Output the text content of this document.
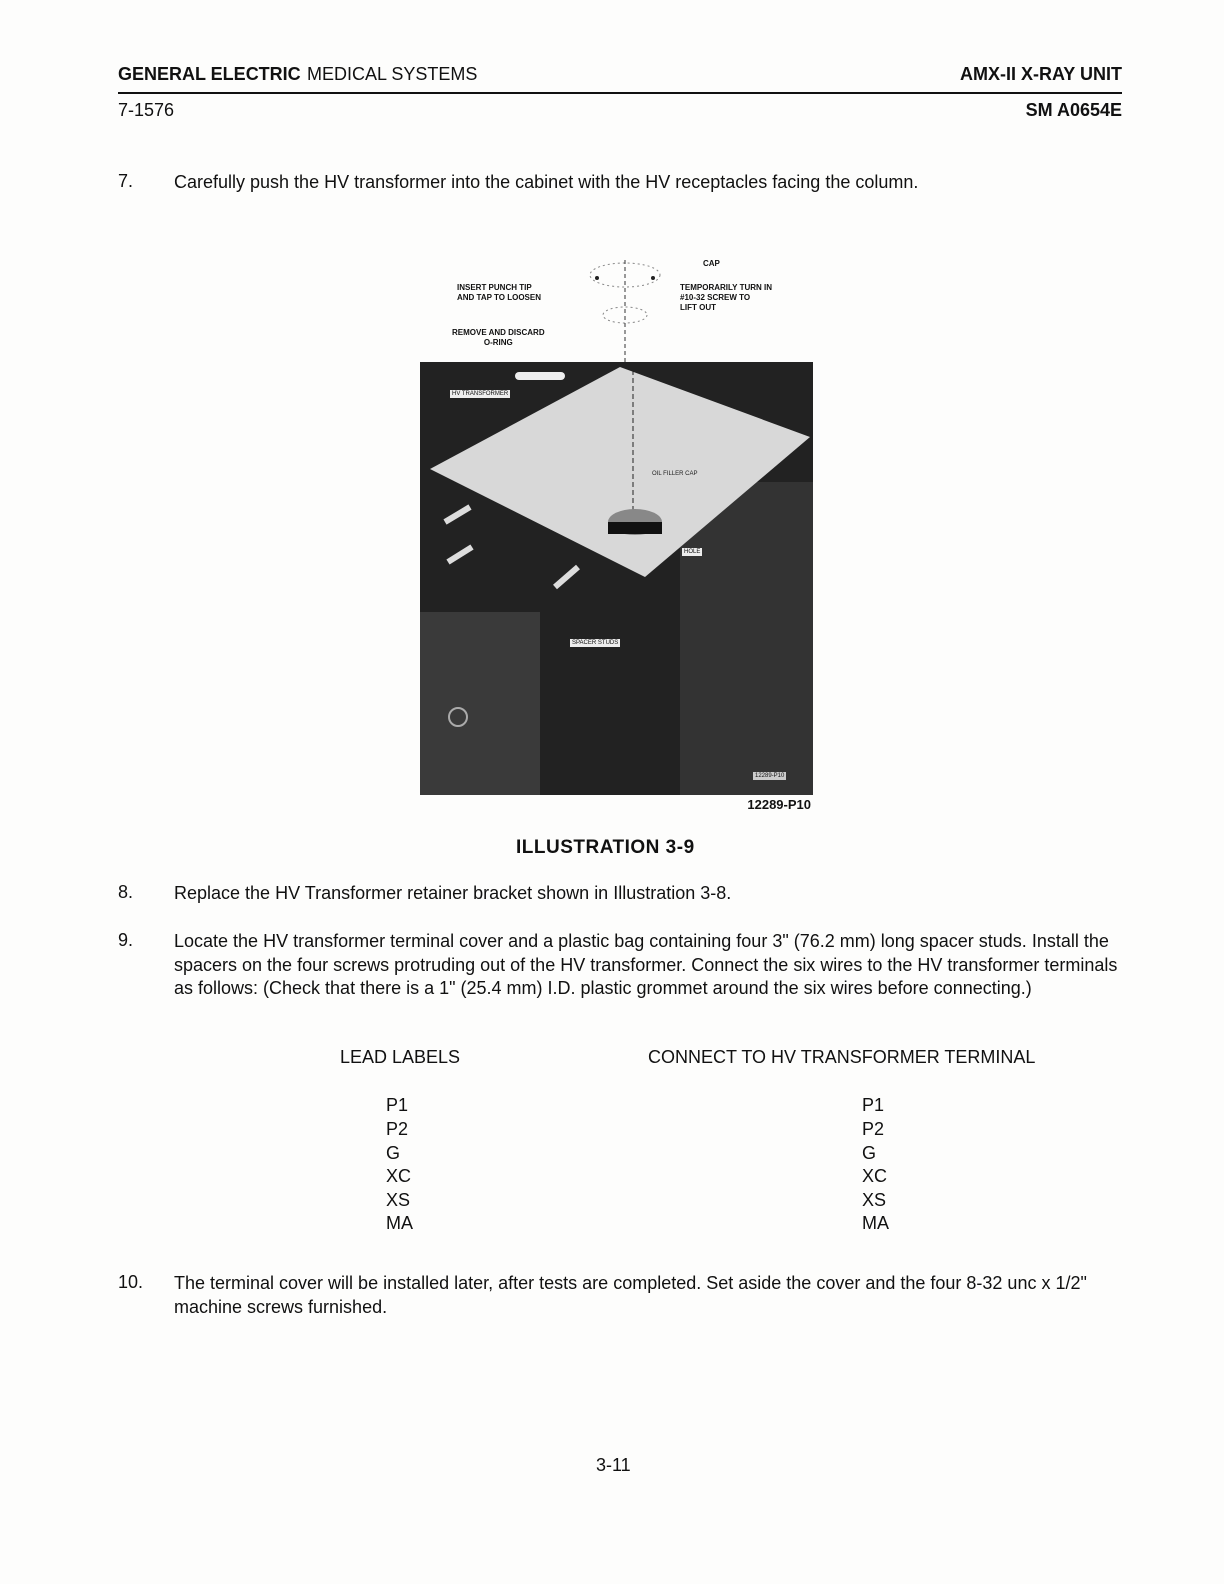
GENERAL ELECTRIC MEDICAL SYSTEMS	AMX-II X-RAY UNIT
7-1576	SM A0654E
7. Carefully push the HV transformer into the cabinet with the HV receptacles facing the column.
CAP
INSERT PUNCH TIP
AND TAP TO LOOSEN
TEMPORARILY TURN IN
#10-32 SCREW TO
LIFT OUT
REMOVE AND DISCARD
O-RING
HV TRANSFORMER
OIL FILLER CAP
HOLE
SPACER STUDS
12289-P10
12289-P10
ILLUSTRATION 3-9
8. Replace the HV Transformer retainer bracket shown in Illustration 3-8.
9. Locate the HV transformer terminal cover and a plastic bag containing four 3" (76.2 mm) long spacer studs. Install the spacers on the four screws protruding out of the HV transformer. Connect the six wires to the HV transformer terminals as follows: (Check that there is a 1" (25.4 mm) I.D. plastic grommet around the six wires before connecting.)
LEAD LABELS	CONNECT TO HV TRANSFORMER TERMINAL
P1	P1
P2	P2
G	G
XC	XC
XS	XS
MA	MA
10. The terminal cover will be installed later, after tests are completed. Set aside the cover and the four 8-32 unc x 1/2" machine screws furnished.
3-11
